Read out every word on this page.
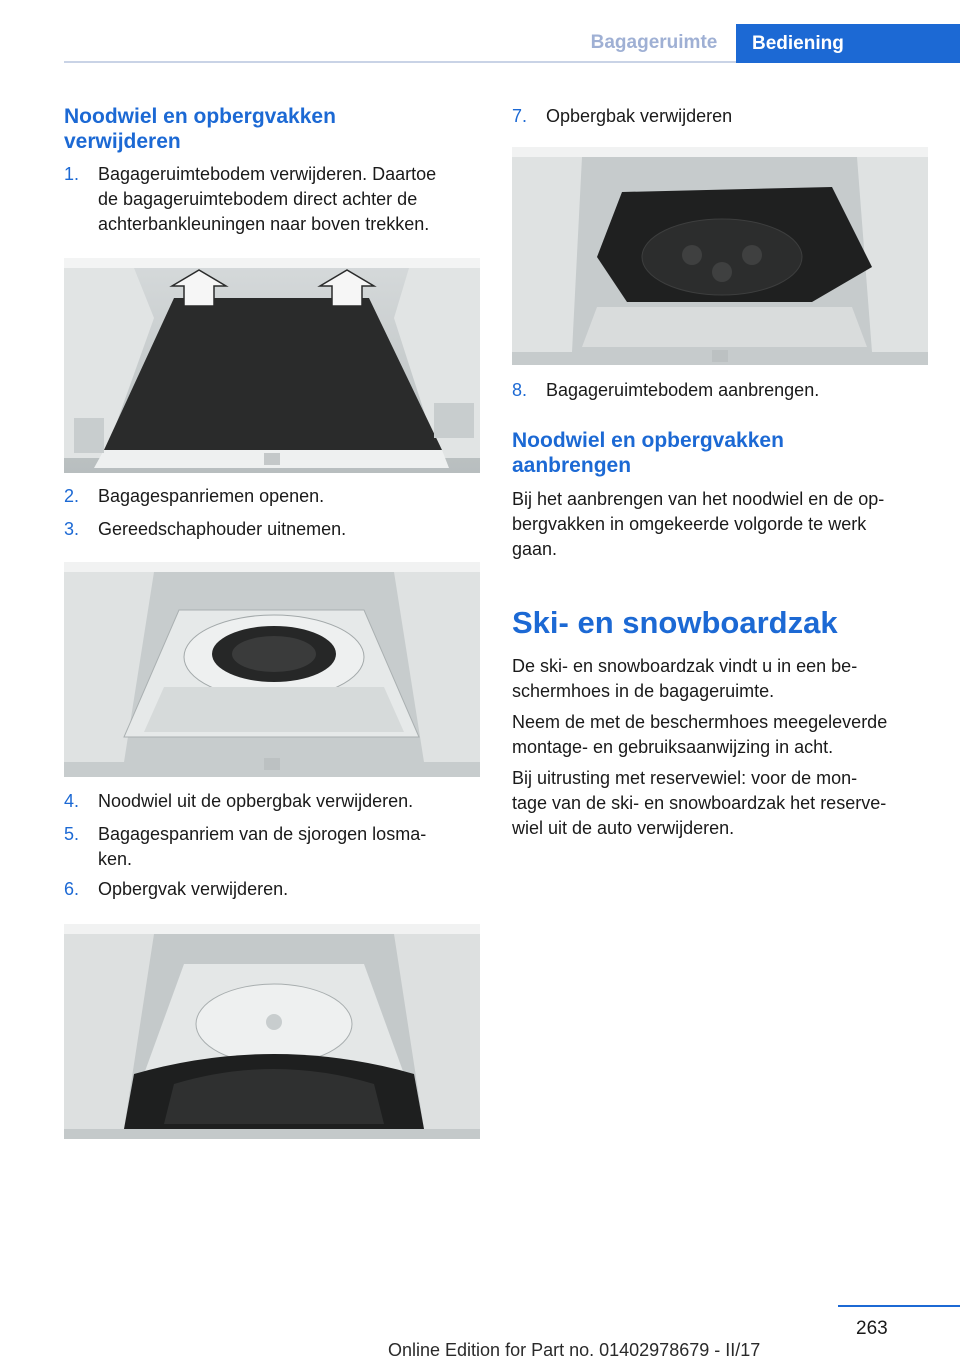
Bagageruimte	Bediening
Noodwiel en opbergvakken
verwijderen
1. Bagageruimtebodem verwijderen. Daartoe
de bagageruimtebodem direct achter de
achterbankleuningen naar boven trekken.
2. Bagagespanriemen openen.
3. Gereedschaphouder uitnemen.
4. Noodwiel uit de opbergbak verwijderen.
5. Bagagespanriem van de sjorogen losma-
ken.
6. Opbergvak verwijderen.
7. Opbergbak verwijderen
8. Bagageruimtebodem aanbrengen.
Noodwiel en opbergvakken
aanbrengen
Bij het aanbrengen van het noodwiel en de op-
bergvakken in omgekeerde volgorde te werk
gaan.
Ski- en snowboardzak
De ski- en snowboardzak vindt u in een be-
schermhoes in de bagageruimte.
Neem de met de beschermhoes meegeleverde
montage- en gebruiksaanwijzing in acht.
Bij uitrusting met reservewiel: voor de mon-
tage van de ski- en snowboardzak het reserve-
wiel uit de auto verwijderen.
263
Online Edition for Part no. 01402978679 - II/17
